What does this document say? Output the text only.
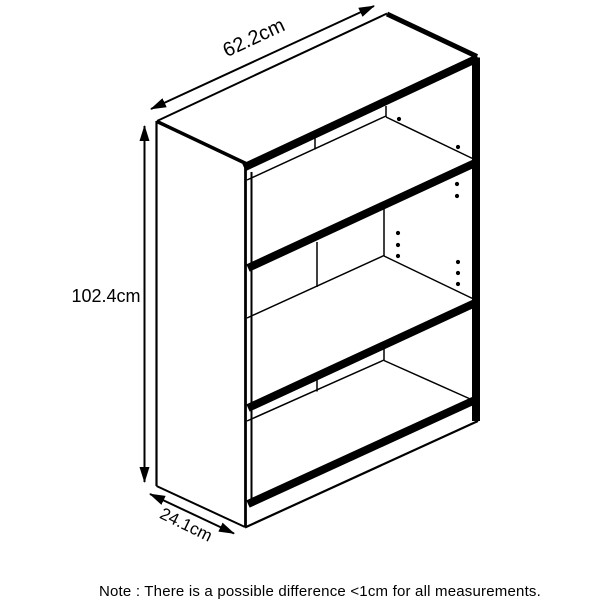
62.2cm
102.4cm
24.1cm
Note : There is a possible difference <1cm for all measurements.
